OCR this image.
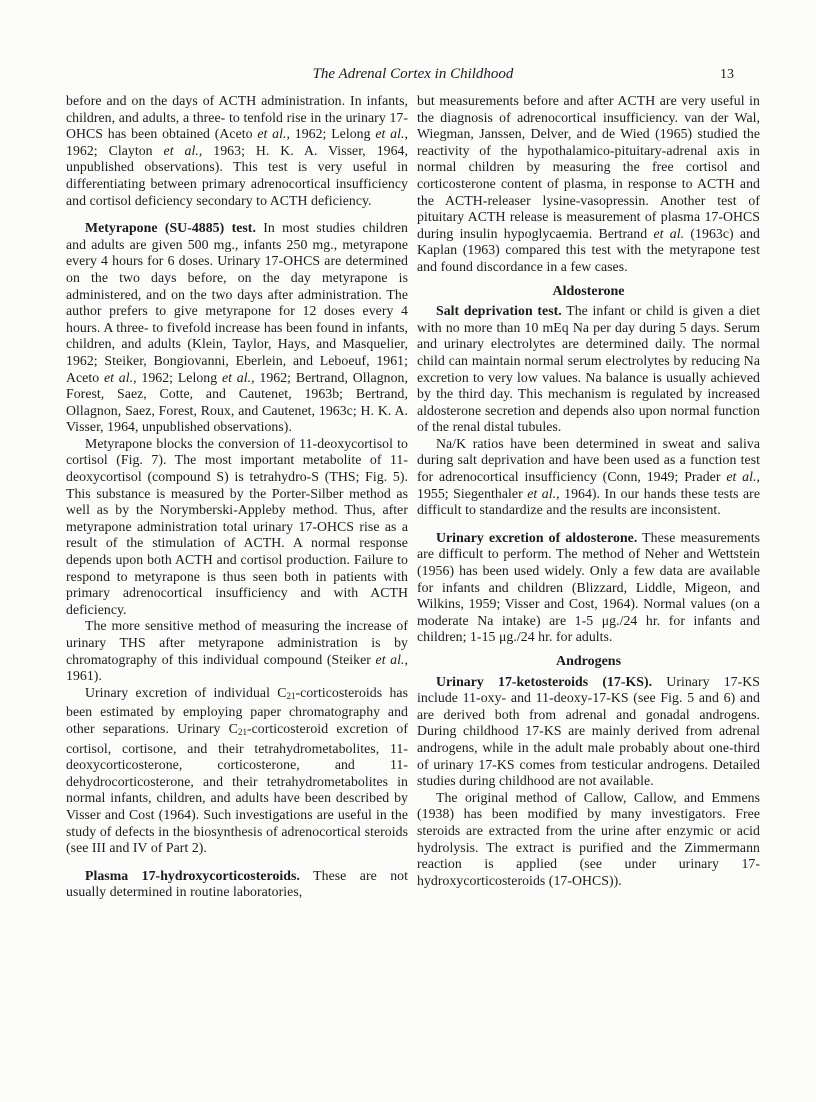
The Adrenal Cortex in Childhood	13

before and on the days of ACTH administration. In infants, children, and adults, a three- to tenfold rise in the urinary 17-OHCS has been obtained (Aceto et al., 1962; Lelong et al., 1962; Clayton et al., 1963; H. K. A. Visser, 1964, unpublished observations). This test is very useful in differentiating between primary adrenocortical insufficiency and cortisol deficiency secondary to ACTH deficiency.

Metyrapone (SU-4885) test. In most studies children and adults are given 500 mg., infants 250 mg., metyrapone every 4 hours for 6 doses. Urinary 17-OHCS are determined on the two days before, on the day metyrapone is administered, and on the two days after administration. The author prefers to give metyrapone for 12 doses every 4 hours. A three- to fivefold increase has been found in infants, children, and adults (Klein, Taylor, Hays, and Masquelier, 1962; Steiker, Bongiovanni, Eberlein, and Leboeuf, 1961; Aceto et al., 1962; Lelong et al., 1962; Bertrand, Ollagnon, Forest, Saez, Cotte, and Cautenet, 1963b; Bertrand, Ollagnon, Saez, Forest, Roux, and Cautenet, 1963c; H. K. A. Visser, 1964, unpublished observations).

Metyrapone blocks the conversion of 11-deoxycortisol to cortisol (Fig. 7). The most important metabolite of 11-deoxycortisol (compound S) is tetrahydro-S (THS; Fig. 5). This substance is measured by the Porter-Silber method as well as by the Norymberski-Appleby method. Thus, after metyrapone administration total urinary 17-OHCS rise as a result of the stimulation of ACTH. A normal response depends upon both ACTH and cortisol production. Failure to respond to metyrapone is thus seen both in patients with primary adrenocortical insufficiency and with ACTH deficiency.

The more sensitive method of measuring the increase of urinary THS after metyrapone administration is by chromatography of this individual compound (Steiker et al., 1961).

Urinary excretion of individual C21-corticosteroids has been estimated by employing paper chromatography and other separations. Urinary C21-corticosteroid excretion of cortisol, cortisone, and their tetrahydrometabolites, 11-deoxycorticosterone, corticosterone, and 11-dehydrocorticosterone, and their tetrahydrometabolites in normal infants, children, and adults have been described by Visser and Cost (1964). Such investigations are useful in the study of defects in the biosynthesis of adrenocortical steroids (see III and IV of Part 2).

Plasma 17-hydroxycorticosteroids. These are not usually determined in routine laboratories,

but measurements before and after ACTH are very useful in the diagnosis of adrenocortical insufficiency. van der Wal, Wiegman, Janssen, Delver, and de Wied (1965) studied the reactivity of the hypothalamico-pituitary-adrenal axis in normal children by measuring the free cortisol and corticosterone content of plasma, in response to ACTH and the ACTH-releaser lysine-vasopressin. Another test of pituitary ACTH release is measurement of plasma 17-OHCS during insulin hypoglycaemia. Bertrand et al. (1963c) and Kaplan (1963) compared this test with the metyrapone test and found discordance in a few cases.

Aldosterone

Salt deprivation test. The infant or child is given a diet with no more than 10 mEq Na per day during 5 days. Serum and urinary electrolytes are determined daily. The normal child can maintain normal serum electrolytes by reducing Na excretion to very low values. Na balance is usually achieved by the third day. This mechanism is regulated by increased aldosterone secretion and depends also upon normal function of the renal distal tubules.

Na/K ratios have been determined in sweat and saliva during salt deprivation and have been used as a function test for adrenocortical insufficiency (Conn, 1949; Prader et al., 1955; Siegenthaler et al., 1964). In our hands these tests are difficult to standardize and the results are inconsistent.

Urinary excretion of aldosterone. These measurements are difficult to perform. The method of Neher and Wettstein (1956) has been used widely. Only a few data are available for infants and children (Blizzard, Liddle, Migeon, and Wilkins, 1959; Visser and Cost, 1964). Normal values (on a moderate Na intake) are 1-5 μg./24 hr. for infants and children; 1-15 μg./24 hr. for adults.

Androgens

Urinary 17-ketosteroids (17-KS). Urinary 17-KS include 11-oxy- and 11-deoxy-17-KS (see Fig. 5 and 6) and are derived both from adrenal and gonadal androgens. During childhood 17-KS are mainly derived from adrenal androgens, while in the adult male probably about one-third of urinary 17-KS comes from testicular androgens. Detailed studies during childhood are not available.

The original method of Callow, Callow, and Emmens (1938) has been modified by many investigators. Free steroids are extracted from the urine after enzymic or acid hydrolysis. The extract is purified and the Zimmermann reaction is applied (see under urinary 17-hydroxycorticosteroids (17-OHCS)).
